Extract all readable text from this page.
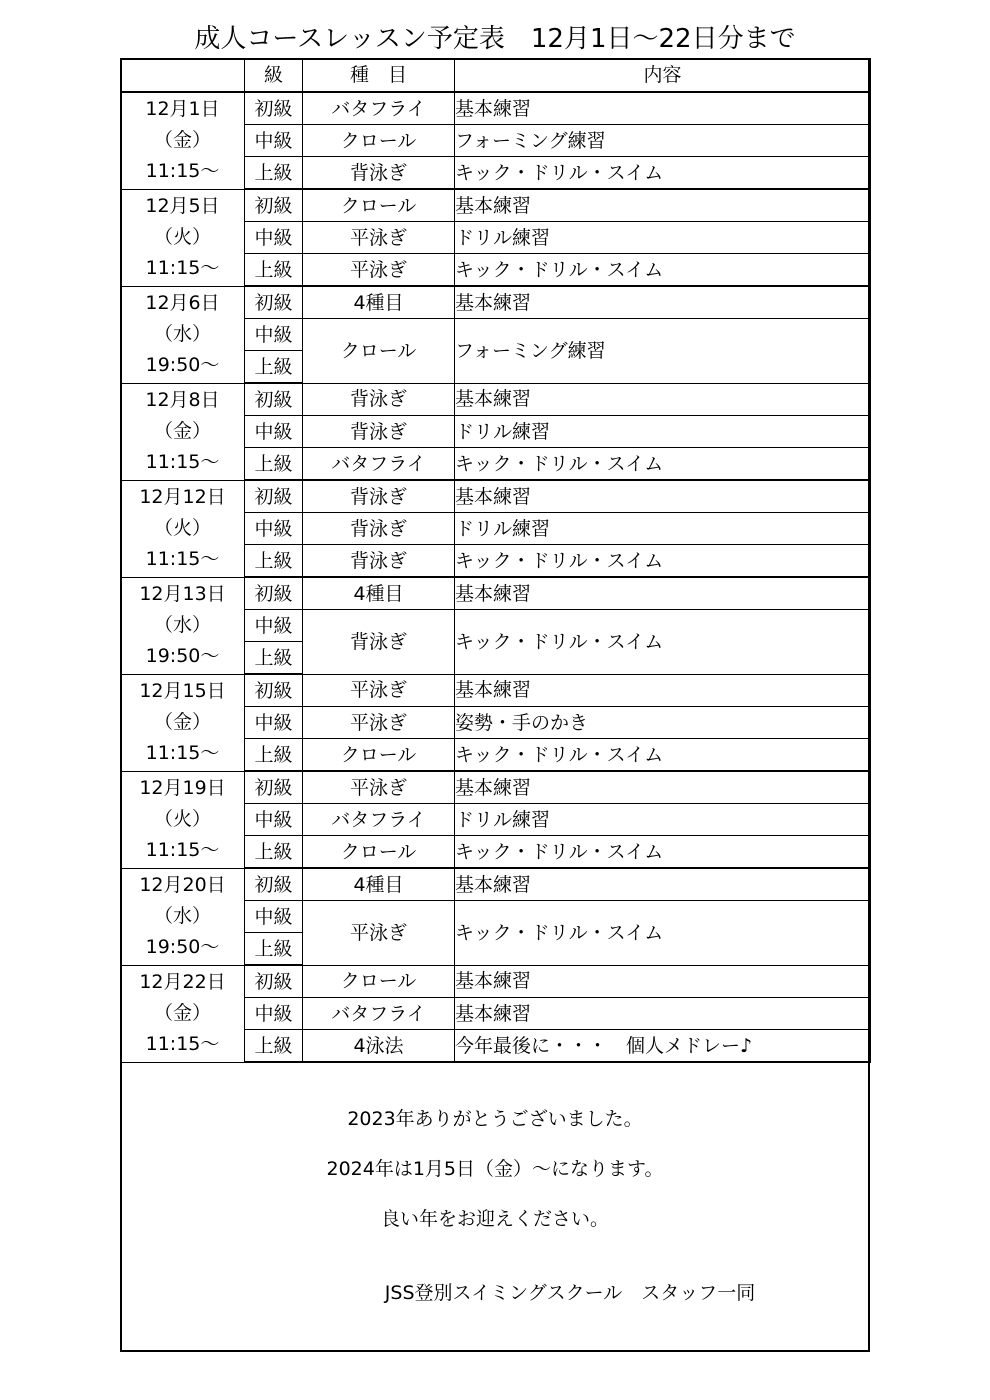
成人コースレッスン予定表　12月1日～22日分まで
	級	種　目	内容

12月1日
（金）
11:15～	初級	バタフライ	基本練習
	中級	クロール	フォーミング練習
	上級	背泳ぎ	キック・ドリル・スイム

12月5日
（火）
11:15～	初級	クロール	基本練習
	中級	平泳ぎ	ドリル練習
	上級	平泳ぎ	キック・ドリル・スイム

12月6日
（水）
19:50～	初級	4種目	基本練習
	中級	クロール	フォーミング練習
	上級		

12月8日
（金）
11:15～	初級	背泳ぎ	基本練習
	中級	背泳ぎ	ドリル練習
	上級	バタフライ	キック・ドリル・スイム

12月12日
（火）
11:15～	初級	背泳ぎ	基本練習
	中級	背泳ぎ	ドリル練習
	上級	背泳ぎ	キック・ドリル・スイム

12月13日
（水）
19:50～	初級	4種目	基本練習
	中級	背泳ぎ	キック・ドリル・スイム
	上級		

12月15日
（金）
11:15～	初級	平泳ぎ	基本練習
	中級	平泳ぎ	姿勢・手のかき
	上級	クロール	キック・ドリル・スイム

12月19日
（火）
11:15～	初級	平泳ぎ	基本練習
	中級	バタフライ	ドリル練習
	上級	クロール	キック・ドリル・スイム

12月20日
（水）
19:50～	初級	4種目	基本練習
	中級	平泳ぎ	キック・ドリル・スイム
	上級		

12月22日
（金）
11:15～	初級	クロール	基本練習
	中級	バタフライ	基本練習
	上級	4泳法	今年最後に・・・　個人メドレー♪
2023年ありがとうございました。
2024年は1月5日（金）～になります。
良い年をお迎えください。
JSS登別スイミングスクール　スタッフ一同
